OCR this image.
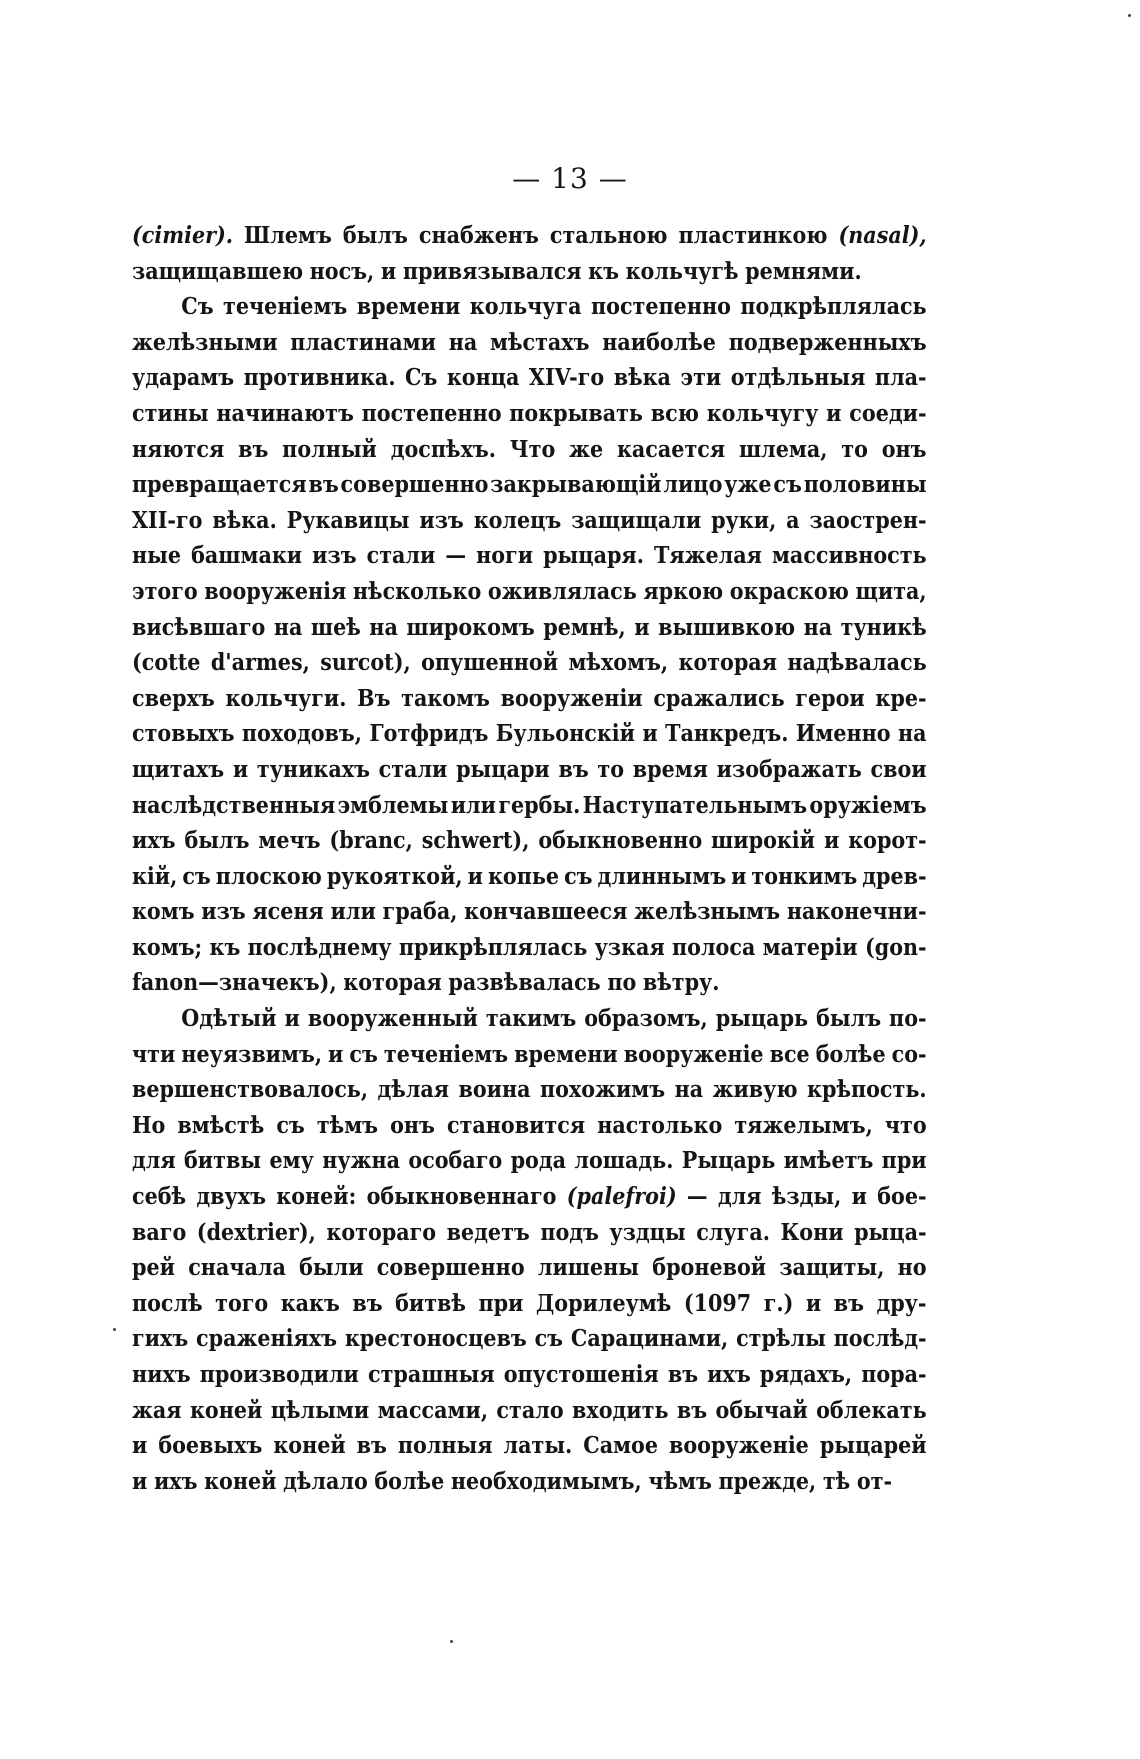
— 13 —
(cimier). Шлемъ былъ снабженъ стальною пластинкою (nasal),
защищавшею носъ, и привязывался къ кольчугѣ ремнями.
Съ теченіемъ времени кольчуга постепенно подкрѣплялась
желѣзными пластинами на мѣстахъ наиболѣе подверженныхъ
ударамъ противника. Съ конца XIV-го вѣка эти отдѣльныя пла-
стины начинаютъ постепенно покрывать всю кольчугу и соеди-
няются въ полный доспѣхъ. Что же касается шлема, то онъ
превращается въ совершенно закрывающій лицо уже съ половины
XII-го вѣка. Рукавицы изъ колецъ защищали руки, а заострен-
ные башмаки изъ стали — ноги рыцаря. Тяжелая массивность
этого вооруженія нѣсколько оживлялась яркою окраскою щита,
висѣвшаго на шеѣ на широкомъ ремнѣ, и вышивкою на туникѣ
(cotte d'armes, surcot), опушенной мѣхомъ, которая надѣвалась
сверхъ кольчуги. Въ такомъ вооруженіи сражались герои кре-
стовыхъ походовъ, Готфридъ Бульонскій и Танкредъ. Именно на
щитахъ и туникахъ стали рыцари въ то время изображать свои
наслѣдственныя эмблемы или гербы. Наступательнымъ оружіемъ
ихъ былъ мечъ (branc, schwert), обыкновенно широкій и корот-
кій, съ плоскою рукояткой, и копье съ длиннымъ и тонкимъ древ-
комъ изъ ясеня или граба, кончавшееся желѣзнымъ наконечни-
комъ; къ послѣднему прикрѣплялась узкая полоса матеріи (gon-
fanon—значекъ), которая развѣвалась по вѣтру.
Одѣтый и вооруженный такимъ образомъ, рыцарь былъ по-
чти неуязвимъ, и съ теченіемъ времени вооруженіе все болѣе со-
вершенствовалось, дѣлая воина похожимъ на живую крѣпость.
Но вмѣстѣ съ тѣмъ онъ становится настолько тяжелымъ, что
для битвы ему нужна особаго рода лошадь. Рыцарь имѣетъ при
себѣ двухъ коней: обыкновеннаго (palefroi) — для ѣзды, и бое-
ваго (dextrier), котораго ведетъ подъ уздцы слуга. Кони рыца-
рей сначала были совершенно лишены броневой защиты, но
послѣ того какъ въ битвѣ при Дорилеумѣ (1097 г.) и въ дру-
гихъ сраженіяхъ крестоносцевъ съ Сарацинами, стрѣлы послѣд-
нихъ производили страшныя опустошенія въ ихъ рядахъ, пора-
жая коней цѣлыми массами, стало входить въ обычай облекать
и боевыхъ коней въ полныя латы. Самое вооруженіе рыцарей
и ихъ коней дѣлало болѣе необходимымъ, чѣмъ прежде, тѣ от-
